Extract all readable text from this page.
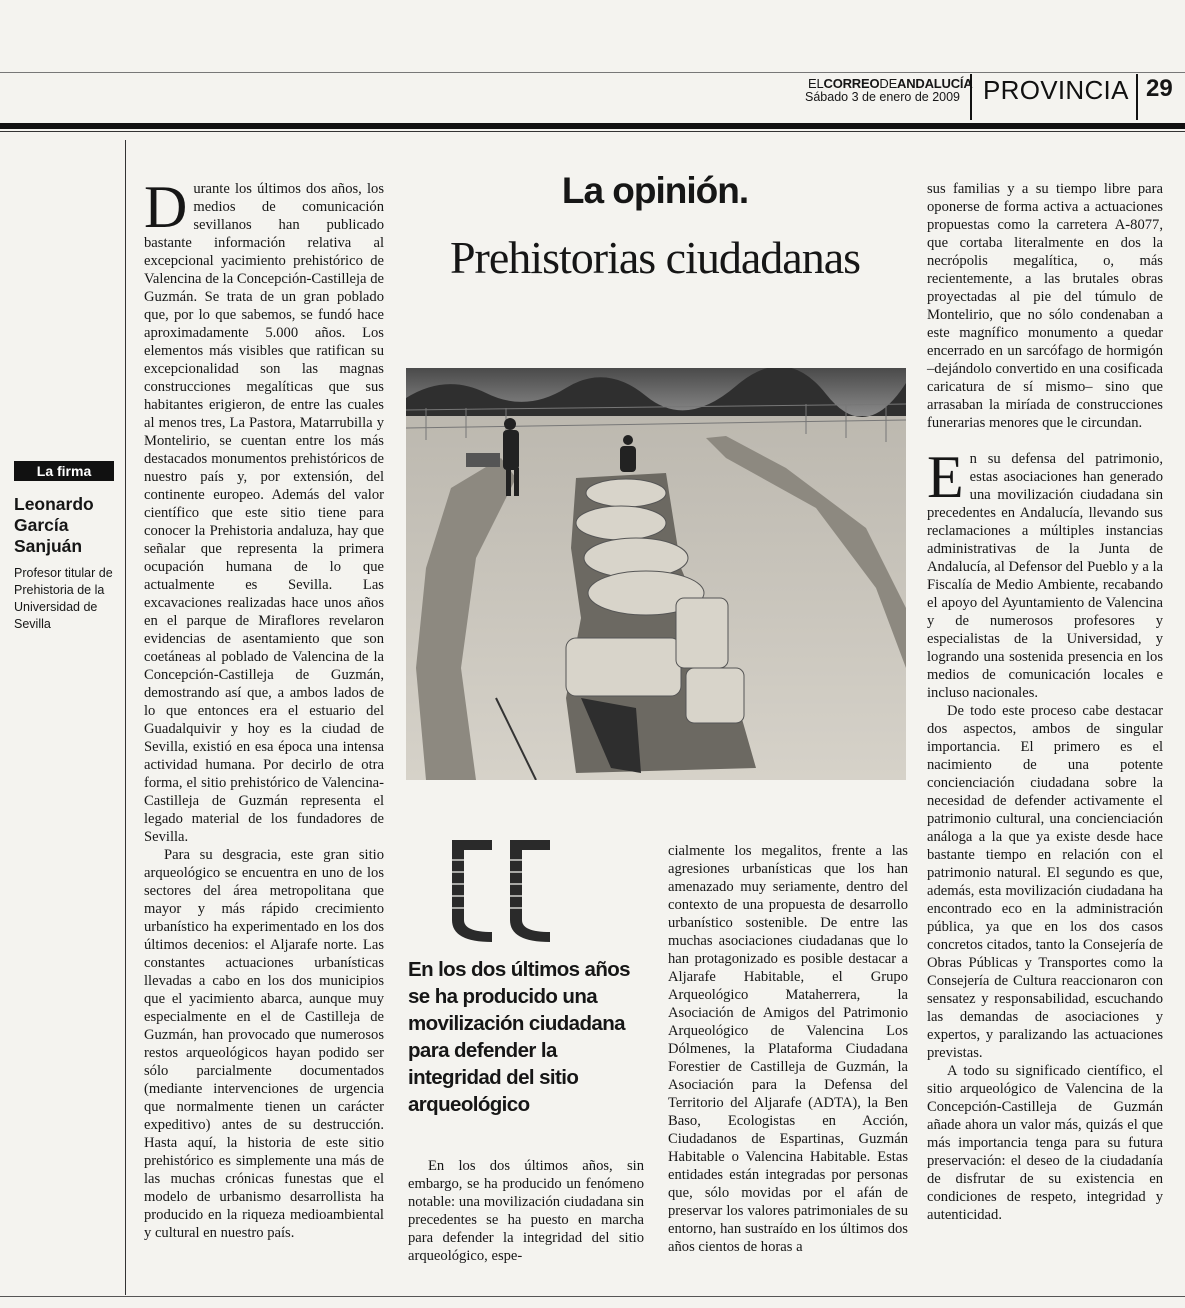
ELCORREODEANDALUCÍA
Sábado 3 de enero de 2009 PROVINCIA 29
La firma
Leonardo García Sanjuán
Profesor titular de Prehistoria de la Universidad de Sevilla
La opinión.
Prehistorias ciudadanas

Durante los últimos dos años, los medios de comunicación sevillanos han publicado bastante información relativa al excepcional yacimiento prehistórico de Valencina de la Concepción-Castilleja de Guzmán. Se trata de un gran poblado que, por lo que sabemos, se fundó hace aproximadamente 5.000 años. Los elementos más visibles que ratifican su excepcionalidad son las magnas construcciones megalíticas que sus habitantes erigieron, de entre las cuales al menos tres, La Pastora, Matarrubilla y Montelirio, se cuentan entre los más destacados monumentos prehistóricos de nuestro país y, por extensión, del continente europeo. Además del valor científico que este sitio tiene para conocer la Prehistoria andaluza, hay que señalar que representa la primera ocupación humana de lo que actualmente es Sevilla. Las excavaciones realizadas hace unos años en el parque de Miraflores revelaron evidencias de asentamiento que son coetáneas al poblado de Valencina de la Concepción-Castilleja de Guzmán, demostrando así que, a ambos lados de lo que entonces era el estuario del Guadalquivir y hoy es la ciudad de Sevilla, existió en esa época una intensa actividad humana. Por decirlo de otra forma, el sitio prehistórico de Valencina-Castilleja de Guzmán representa el legado material de los fundadores de Sevilla.

Para su desgracia, este gran sitio arqueológico se encuentra en uno de los sectores del área metropolitana que mayor y más rápido crecimiento urbanístico ha experimentado en los dos últimos decenios: el Aljarafe norte. Las constantes actuaciones urbanísticas llevadas a cabo en los dos municipios que el yacimiento abarca, aunque muy especialmente en el de Castilleja de Guzmán, han provocado que numerosos restos arqueológicos hayan podido ser sólo parcialmente documentados (mediante intervenciones de urgencia que normalmente tienen un carácter expeditivo) antes de su destrucción. Hasta aquí, la historia de este sitio prehistórico es simplemente una más de las muchas crónicas funestas que el modelo de urbanismo desarrollista ha producido en la riqueza medioambiental y cultural en nuestro país.

En los dos últimos años se ha producido una movilización ciudadana para defender la integridad del sitio arqueológico

En los dos últimos años, sin embargo, se ha producido un fenómeno notable: una movilización ciudadana sin precedentes se ha puesto en marcha para defender la integridad del sitio arqueológico, espe-

cialmente los megalitos, frente a las agresiones urbanísticas que los han amenazado muy seriamente, dentro del contexto de una propuesta de desarrollo urbanístico sostenible. De entre las muchas asociaciones ciudadanas que lo han protagonizado es posible destacar a Aljarafe Habitable, el Grupo Arqueológico Mataherrera, la Asociación de Amigos del Patrimonio Arqueológico de Valencina Los Dólmenes, la Plataforma Ciudadana Forestier de Castilleja de Guzmán, la Asociación para la Defensa del Territorio del Aljarafe (ADTA), la Ben Baso, Ecologistas en Acción, Ciudadanos de Espartinas, Guzmán Habitable o Valencina Habitable. Estas entidades están integradas por personas que, sólo movidas por el afán de preservar los valores patrimoniales de su entorno, han sustraído en los últimos dos años cientos de horas a

sus familias y a su tiempo libre para oponerse de forma activa a actuaciones propuestas como la carretera A-8077, que cortaba literalmente en dos la necrópolis megalítica, o, más recientemente, a las brutales obras proyectadas al pie del túmulo de Montelirio, que no sólo condenaban a este magnífico monumento a quedar encerrado en un sarcófago de hormigón –dejándolo convertido en una cosificada caricatura de sí mismo– sino que arrasaban la miríada de construcciones funerarias menores que le circundan.

En su defensa del patrimonio, estas asociaciones han generado una movilización ciudadana sin precedentes en Andalucía, llevando sus reclamaciones a múltiples instancias administrativas de la Junta de Andalucía, al Defensor del Pueblo y a la Fiscalía de Medio Ambiente, recabando el apoyo del Ayuntamiento de Valencina y de numerosos profesores y especialistas de la Universidad, y logrando una sostenida presencia en los medios de comunicación locales e incluso nacionales.

De todo este proceso cabe destacar dos aspectos, ambos de singular importancia. El primero es el nacimiento de una potente concienciación ciudadana sobre la necesidad de defender activamente el patrimonio cultural, una concienciación análoga a la que ya existe desde hace bastante tiempo en relación con el patrimonio natural. El segundo es que, además, esta movilización ciudadana ha encontrado eco en la administración pública, ya que en los dos casos concretos citados, tanto la Consejería de Obras Públicas y Transportes como la Consejería de Cultura reaccionaron con sensatez y responsabilidad, escuchando las demandas de asociaciones y expertos, y paralizando las actuaciones previstas.

A todo su significado científico, el sitio arqueológico de Valencina de la Concepción-Castilleja de Guzmán añade ahora un valor más, quizás el que más importancia tenga para su futura preservación: el deseo de la ciudadanía de disfrutar de su existencia en condiciones de respeto, integridad y autenticidad.
